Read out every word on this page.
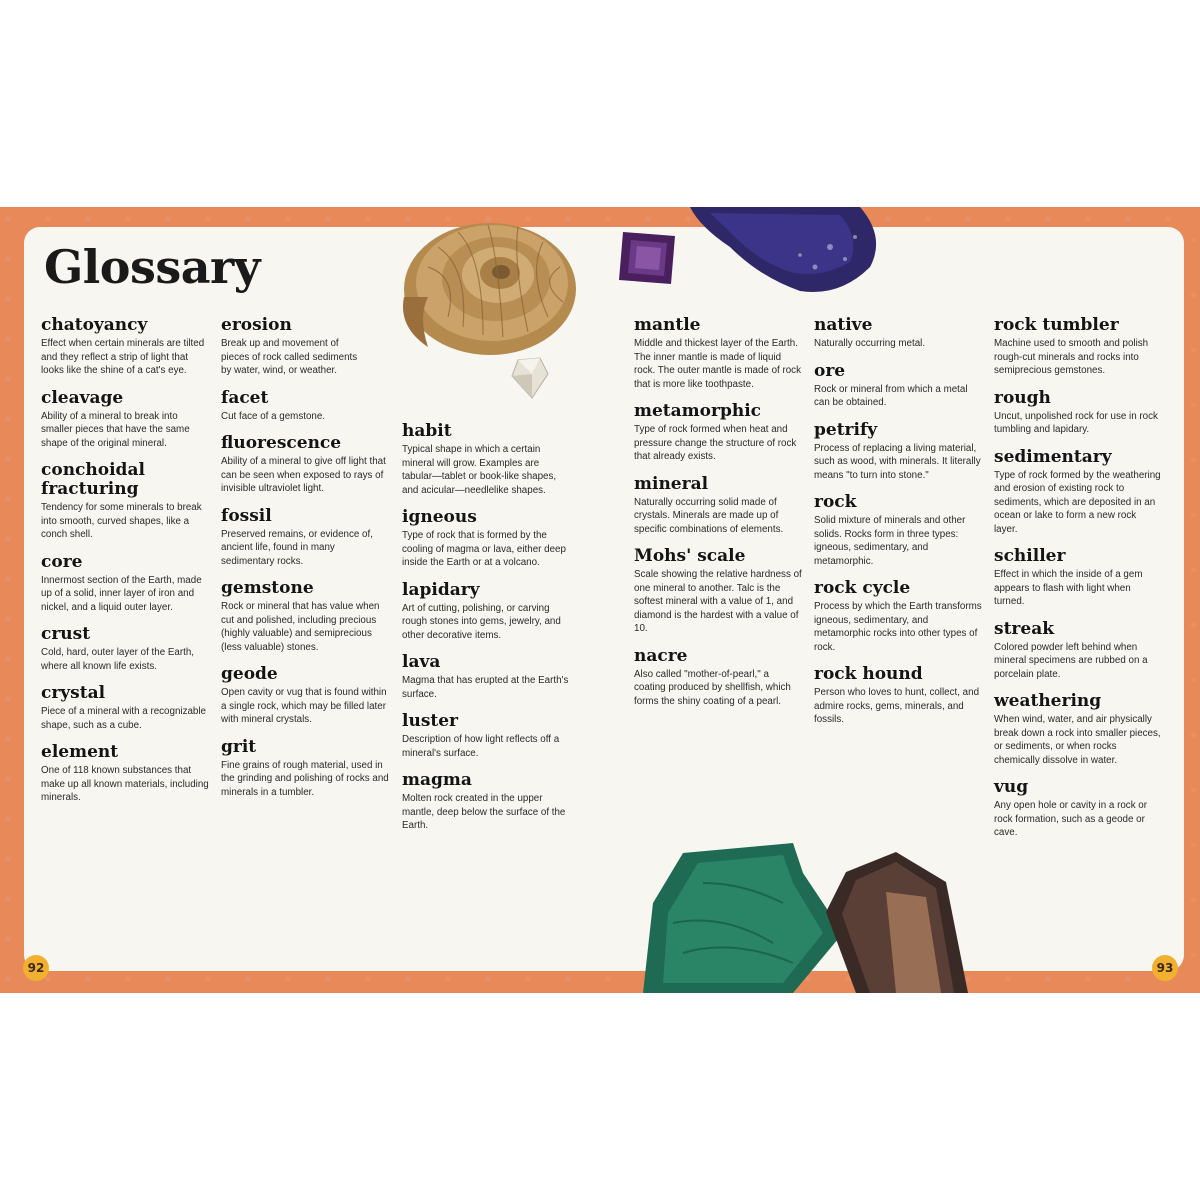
92	93
Glossary

chatoyancy

Effect when certain minerals are tilted and they reflect a strip of light that looks like the shine of a cat's eye.

cleavage

Ability of a mineral to break into smaller pieces that have the same shape of the original mineral.

conchoidal fracturing

Tendency for some minerals to break into smooth, curved shapes, like a conch shell.

core

Innermost section of the Earth, made up of a solid, inner layer of iron and nickel, and a liquid outer layer.

crust

Cold, hard, outer layer of the Earth, where all known life exists.

crystal

Piece of a mineral with a recognizable shape, such as a cube.

element

One of 118 known substances that make up all known materials, including minerals.

erosion

Break up and movement of pieces of rock called sediments by water, wind, or weather.

facet

Cut face of a gemstone.

fluorescence

Ability of a mineral to give off light that can be seen when exposed to rays of invisible ultraviolet light.

fossil

Preserved remains, or evidence of, ancient life, found in many sedimentary rocks.

gemstone

Rock or mineral that has value when cut and polished, including precious (highly valuable) and semiprecious (less valuable) stones.

geode

Open cavity or vug that is found within a single rock, which may be filled later with mineral crystals.

grit

Fine grains of rough material, used in the grinding and polishing of rocks and minerals in a tumbler.

habit

Typical shape in which a certain mineral will grow. Examples are tabular—tablet or book-like shapes, and acicular—needlelike shapes.

igneous

Type of rock that is formed by the cooling of magma or lava, either deep inside the Earth or at a volcano.

lapidary

Art of cutting, polishing, or carving rough stones into gems, jewelry, and other decorative items.

lava

Magma that has erupted at the Earth's surface.

luster

Description of how light reflects off a mineral's surface.

magma

Molten rock created in the upper mantle, deep below the surface of the Earth.

mantle

Middle and thickest layer of the Earth. The inner mantle is made of liquid rock. The outer mantle is made of rock that is more like toothpaste.

metamorphic

Type of rock formed when heat and pressure change the structure of rock that already exists.

mineral

Naturally occurring solid made of crystals. Minerals are made up of specific combinations of elements.

Mohs' scale

Scale showing the relative hardness of one mineral to another. Talc is the softest mineral with a value of 1, and diamond is the hardest with a value of 10.

nacre

Also called "mother-of-pearl," a coating produced by shellfish, which forms the shiny coating of a pearl.

native

Naturally occurring metal.

ore

Rock or mineral from which a metal can be obtained.

petrify

Process of replacing a living material, such as wood, with minerals. It literally means "to turn into stone."

rock

Solid mixture of minerals and other solids. Rocks form in three types: igneous, sedimentary, and metamorphic.

rock cycle

Process by which the Earth transforms igneous, sedimentary, and metamorphic rocks into other types of rock.

rock hound

Person who loves to hunt, collect, and admire rocks, gems, minerals, and fossils.

rock tumbler

Machine used to smooth and polish rough-cut minerals and rocks into semiprecious gemstones.

rough

Uncut, unpolished rock for use in rock tumbling and lapidary.

sedimentary

Type of rock formed by the weathering and erosion of existing rock to sediments, which are deposited in an ocean or lake to form a new rock layer.

schiller

Effect in which the inside of a gem appears to flash with light when turned.

streak

Colored powder left behind when mineral specimens are rubbed on a porcelain plate.

weathering

When wind, water, and air physically break down a rock into smaller pieces, or sediments, or when rocks chemically dissolve in water.

vug

Any open hole or cavity in a rock or rock formation, such as a geode or cave.
